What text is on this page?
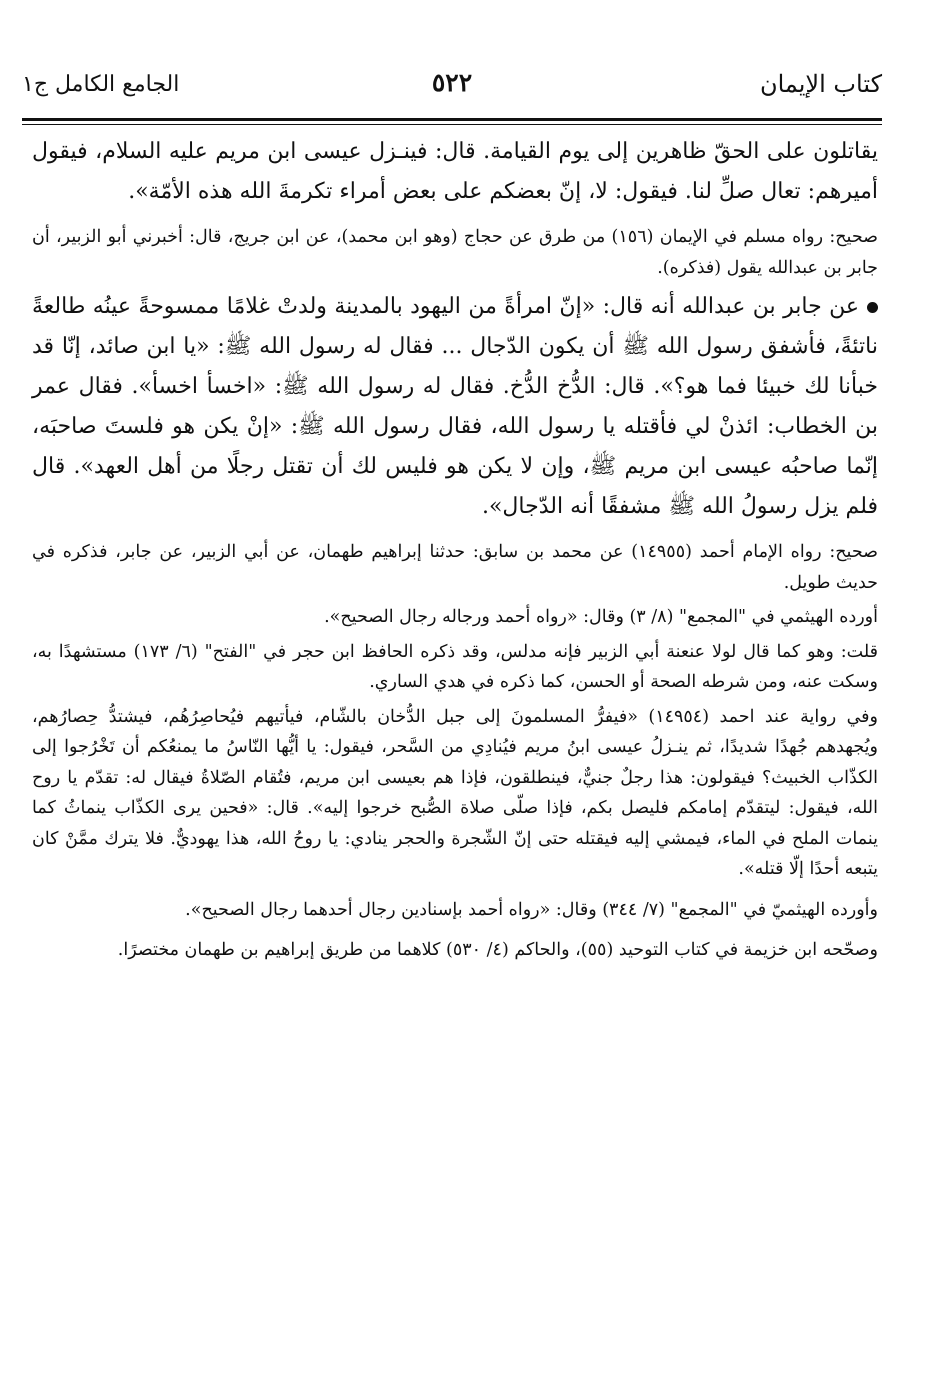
كتاب الإيمان
٥٢٢
الجامع الكامل ج١

يقاتلون على الحقّ ظاهرين إلى يوم القيامة. قال: فينـزل عيسى ابن مريم عليه السلام، فيقول أميرهم: تعال صلِّ لنا. فيقول: لا، إنّ بعضكم على بعض أمراء تكرمةَ الله هذه الأمّة».

صحيح: رواه مسلم في الإيمان (١٥٦) من طرق عن حجاج (وهو ابن محمد)، عن ابن جريج، قال: أخبرني أبو الزبير، أن جابر بن عبدالله يقول (فذكره).

عن جابر بن عبدالله أنه قال: «إنّ امرأةً من اليهود بالمدينة ولدتْ غلامًا ممسوحةً عينُه طالعةً ناتئةً، فأشفق رسول الله ﷺ أن يكون الدّجال ... فقال له رسول الله ﷺ: «يا ابن صائد، إنّا قد خبأنا لك خبيئا فما هو؟». قال: الدُّخ الدُّخ. فقال له رسول الله ﷺ: «اخسأ اخسأ». فقال عمر بن الخطاب: ائذنْ لي فأقتله يا رسول الله، فقال رسول الله ﷺ: «إنْ يكن هو فلستَ صاحبَه، إنّما صاحبُه عيسى ابن مريم ﷺ، وإن لا يكن هو فليس لك أن تقتل رجلًا من أهل العهد». قال فلم يزل رسولُ الله ﷺ مشفقًا أنه الدّجال».

صحيح: رواه الإمام أحمد (١٤٩٥٥) عن محمد بن سابق: حدثنا إبراهيم طهمان، عن أبي الزبير، عن جابر، فذكره في حديث طويل.

أورده الهيثمي في "المجمع" (٨/ ٣) وقال: «رواه أحمد ورجاله رجال الصحيح».

قلت: وهو كما قال لولا عنعنة أبي الزبير فإنه مدلس، وقد ذكره الحافظ ابن حجر في "الفتح" (٦/ ١٧٣) مستشهدًا به، وسكت عنه، ومن شرطه الصحة أو الحسن، كما ذكره في هدي الساري.

وفي رواية عند احمد (١٤٩٥٤) «فيفرُّ المسلمونَ إلى جبل الدُّخان بالشّام، فيأتيهم فيُحاصِرُهُم، فيشتدُّ حِصارُهم، ويُجهدهم جُهدًا شديدًا، ثم ينـزلُ عيسى ابنُ مريم فيُنادِي من السَّحر، فيقول: يا أيُّها النّاسُ ما يمنعُكم أن تَخْرُجوا إلى الكذّاب الخبيث؟ فيقولون: هذا رجلٌ جنيٌّ، فينطلقون، فإذا هم بعيسى ابن مريم، فتُقام الصّلاةُ فيقال له: تقدّم يا روح الله، فيقول: ليتقدّم إمامكم فليصل بكم، فإذا صلّى صلاة الصُّبح خرجوا إليه». قال: «فحين يرى الكذّاب ينماثُ كما ينمات الملح في الماء، فيمشي إليه فيقتله حتى إنّ الشّجرة والحجر ينادي: يا روحُ الله، هذا يهوديٌّ. فلا يترك ممَّنْ كان يتبعه أحدًا إلّا قتله».

وأورده الهيثميّ في "المجمع" (٧/ ٣٤٤) وقال: «رواه أحمد بإسنادين رجال أحدهما رجال الصحيح».

وصحّحه ابن خزيمة في كتاب التوحيد (٥٥)، والحاكم (٤/ ٥٣٠) كلاهما من طريق إبراهيم بن طهمان مختصرًا.
